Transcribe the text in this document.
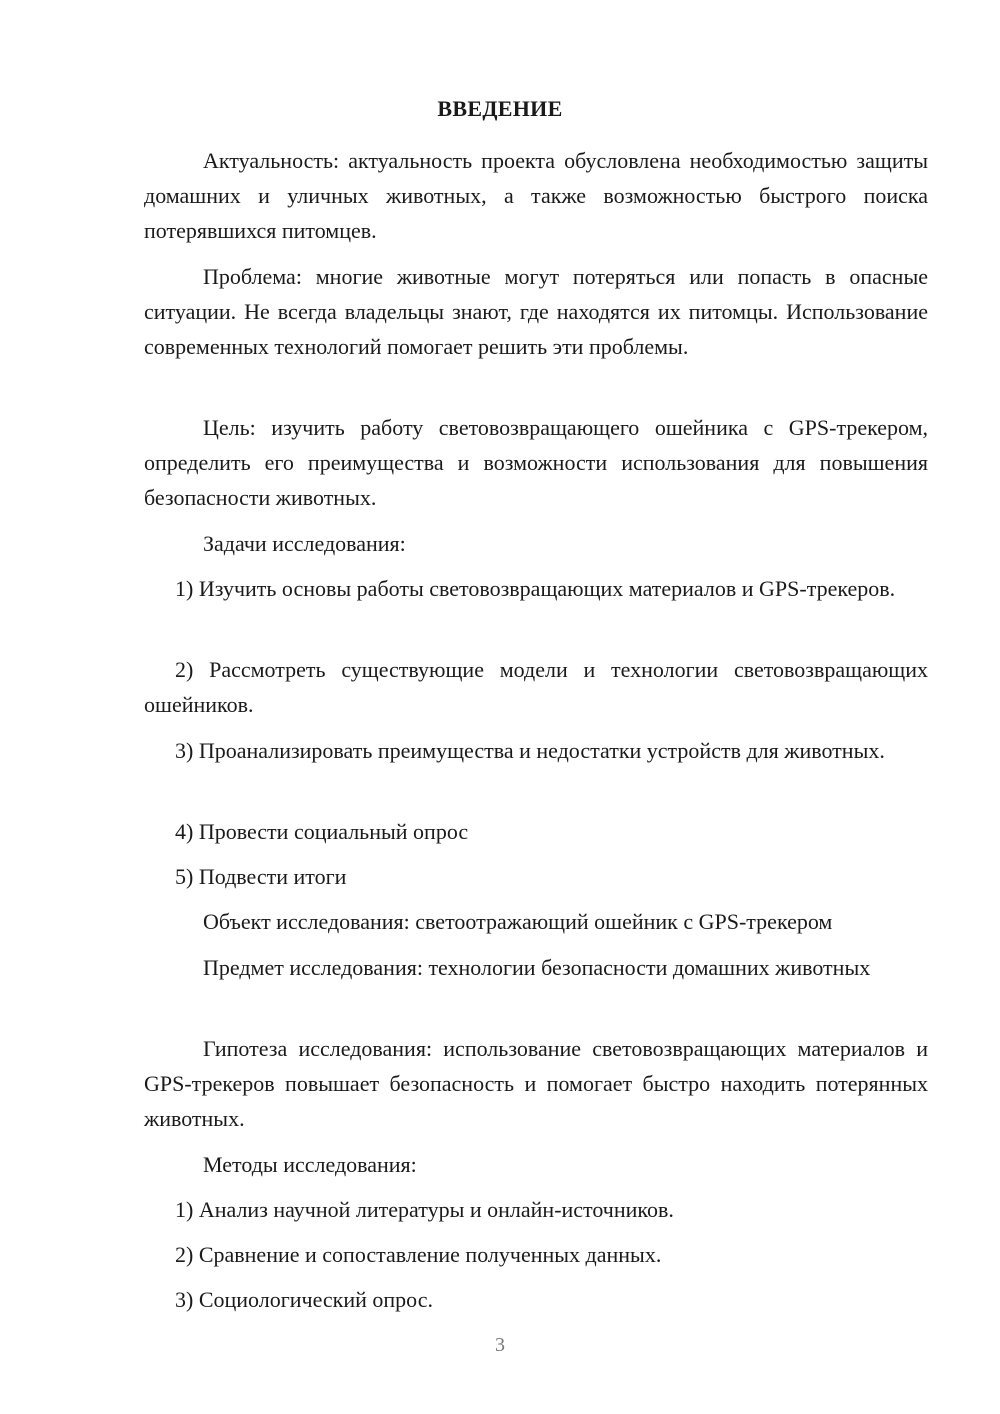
ВВЕДЕНИЕ

Актуальность: актуальность проекта обусловлена необходимостью защиты домашних и уличных животных, а также возможностью быстрого поиска потерявшихся питомцев.

Проблема: многие животные могут потеряться или попасть в опасные ситуации. Не всегда владельцы знают, где находятся их питомцы. Использование современных технологий помогает решить эти проблемы.

Цель: изучить работу световозвращающего ошейника с GPS-трекером, определить его преимущества и возможности использования для повышения безопасности животных.

Задачи исследования:

1) Изучить основы работы световозвращающих материалов и GPS-трекеров.

2) Рассмотреть существующие модели и технологии световозвращающих ошейников.

3) Проанализировать преимущества и недостатки устройств для животных.

4) Провести социальный опрос

5) Подвести итоги

Объект исследования: светоотражающий ошейник с GPS-трекером

Предмет исследования: технологии безопасности домашних животных

Гипотеза исследования: использование световозвращающих материалов и GPS-трекеров повышает безопасность и помогает быстро находить потерянных животных.

Методы исследования:

1) Анализ научной литературы и онлайн-источников.

2) Сравнение и сопоставление полученных данных.

3) Социологический опрос.

3
